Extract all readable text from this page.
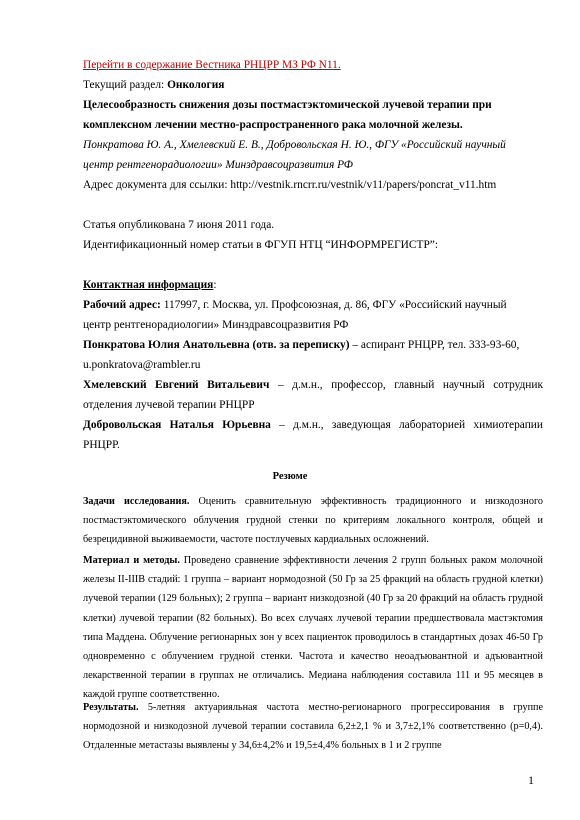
Перейти в содержание Вестника РНЦРР МЗ РФ N11.
Текущий раздел: Онкология
Целесообразность снижения дозы постмастэктомической лучевой терапии при
комплексном лечении местно-распространенного рака молочной железы.
Понкратова Ю. А., Хмелевский Е. В., Добровольская Н. Ю., ФГУ «Российский научный
центр рентгенорадиологии» Минздравсоцразвития РФ
Адрес документа для ссылки: http://vestnik.rncrr.ru/vestnik/v11/papers/poncrat_v11.htm
Статья опубликована 7 июня 2011 года.
Идентификационный номер статьи в ФГУП НТЦ “ИНФОРМРЕГИСТР”:
Контактная информация:
Рабочий адрес: 117997, г. Москва, ул. Профсоюзная, д. 86, ФГУ «Российский научный
центр рентгенорадиологии» Минздравсоцразвития РФ
Понкратова Юлия Анатольевна (отв. за переписку) – аспирант РНЦРР, тел. 333-93-60,
u.ponkratova@rambler.ru
Хмелевский Евгений Витальевич – д.м.н., профессор, главный научный сотрудник отделения лучевой терапии РНЦРР
Добровольская Наталья Юрьевна – д.м.н., заведующая лабораторией химиотерапии РНЦРР.
Резюме
Задачи исследования. Оценить сравнительную эффективность традиционного и низкодозного постмастэктомического облучения грудной стенки по критериям локального контроля, общей и безрецидивной выживаемости, частоте постлучевых кардиальных осложнений.
Материал и методы. Проведено сравнение эффективности лечения 2 групп больных раком молочной железы II-IIIВ стадий: 1 группа – вариант нормодозной (50 Гр за 25 фракций на область грудной клетки) лучевой терапии (129 больных); 2 группа – вариант низкодозной (40 Гр за 20 фракций на область грудной клетки) лучевой терапии (82 больных). Во всех случаях лучевой терапии предшествовала мастэктомия типа Маддена. Облучение регионарных зон у всех пациенток проводилось в стандартных дозах 46-50 Гр одновременно с облучением грудной стенки. Частота и качество неоадъювантной и адъювантной лекарственной терапии в группах не отличались. Медиана наблюдения составила 111 и 95 месяцев в каждой группе соответственно.
Результаты. 5-летняя актуарияльная частота местно-регионарного прогрессирования в группе нормодозной и низкодозной лучевой терапии составила 6,2±2,1 % и 3,7±2,1% соответственно (р=0,4). Отдаленные метастазы выявлены у 34,6±4,2% и 19,5±4,4% больных в 1 и 2 группе
1
